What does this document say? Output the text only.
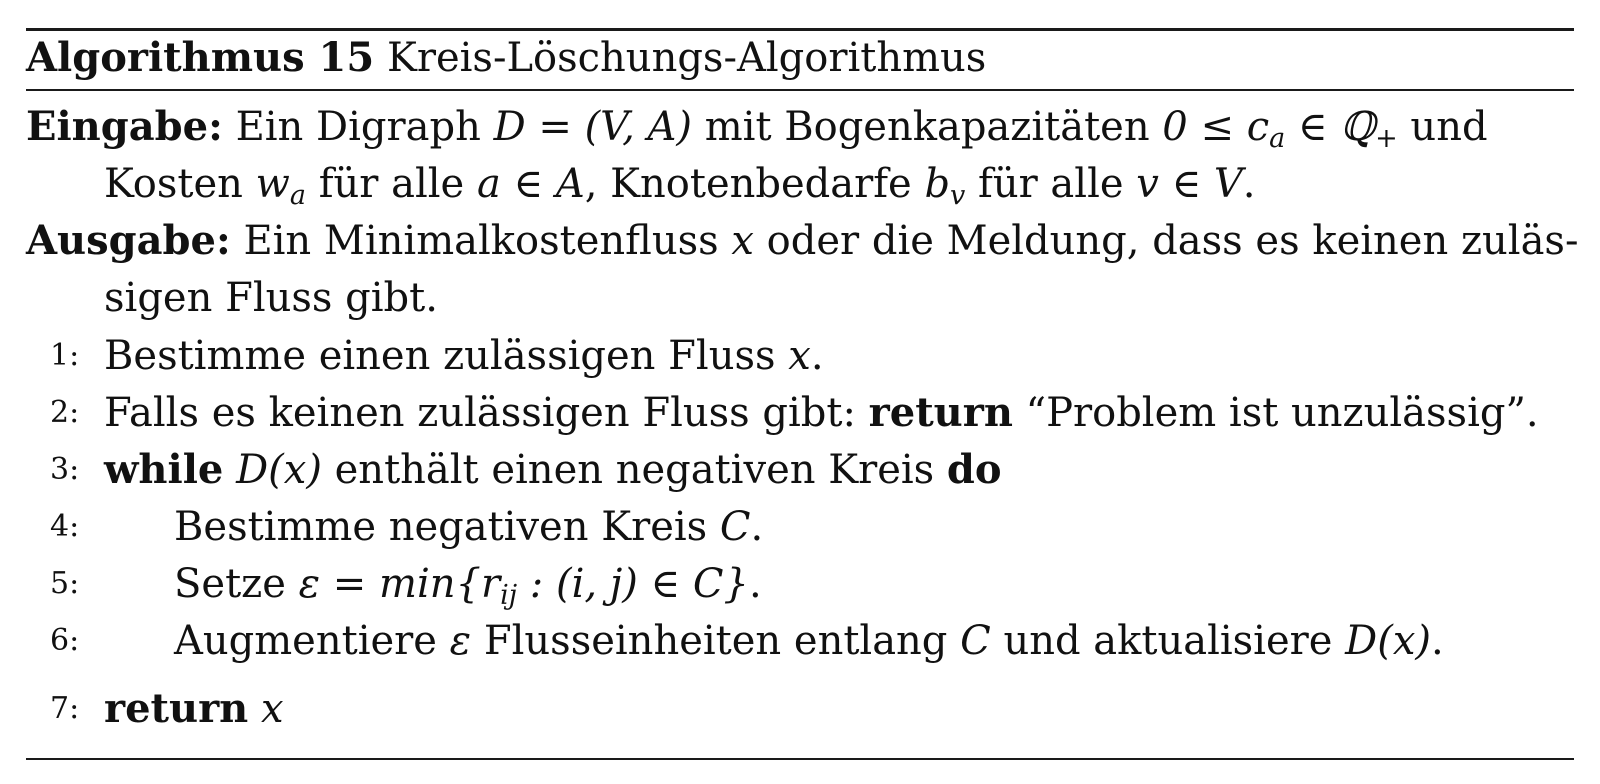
Algorithmus 15 Kreis-Löschungs-Algorithmus
Eingabe: Ein Digraph D = (V, A) mit Bogenkapazitäten $0 \le c_a$ ∈ ℚ$_+$ und
Kosten $w_a$ für alle a ∈ A, Knotenbedarfe $b_v$ für alle v ∈ V.
Ausgabe: Ein Minimalkostenfluss x oder die Meldung, dass es keinen zuläs-
sigen Fluss gibt.
1: Bestimme einen zulässigen Fluss x.
2: Falls es keinen zulässigen Fluss gibt: return “Problem ist unzulässig”.
3: while D(x) enthält einen negativen Kreis do
4: Bestimme negativen Kreis C.
5: Setze $\varepsilon = \min\{r_{ij}$ : (i, j) ∈ C}.
6: Augmentiere ε Flusseinheiten entlang C und aktualisiere D(x).
7: return x
